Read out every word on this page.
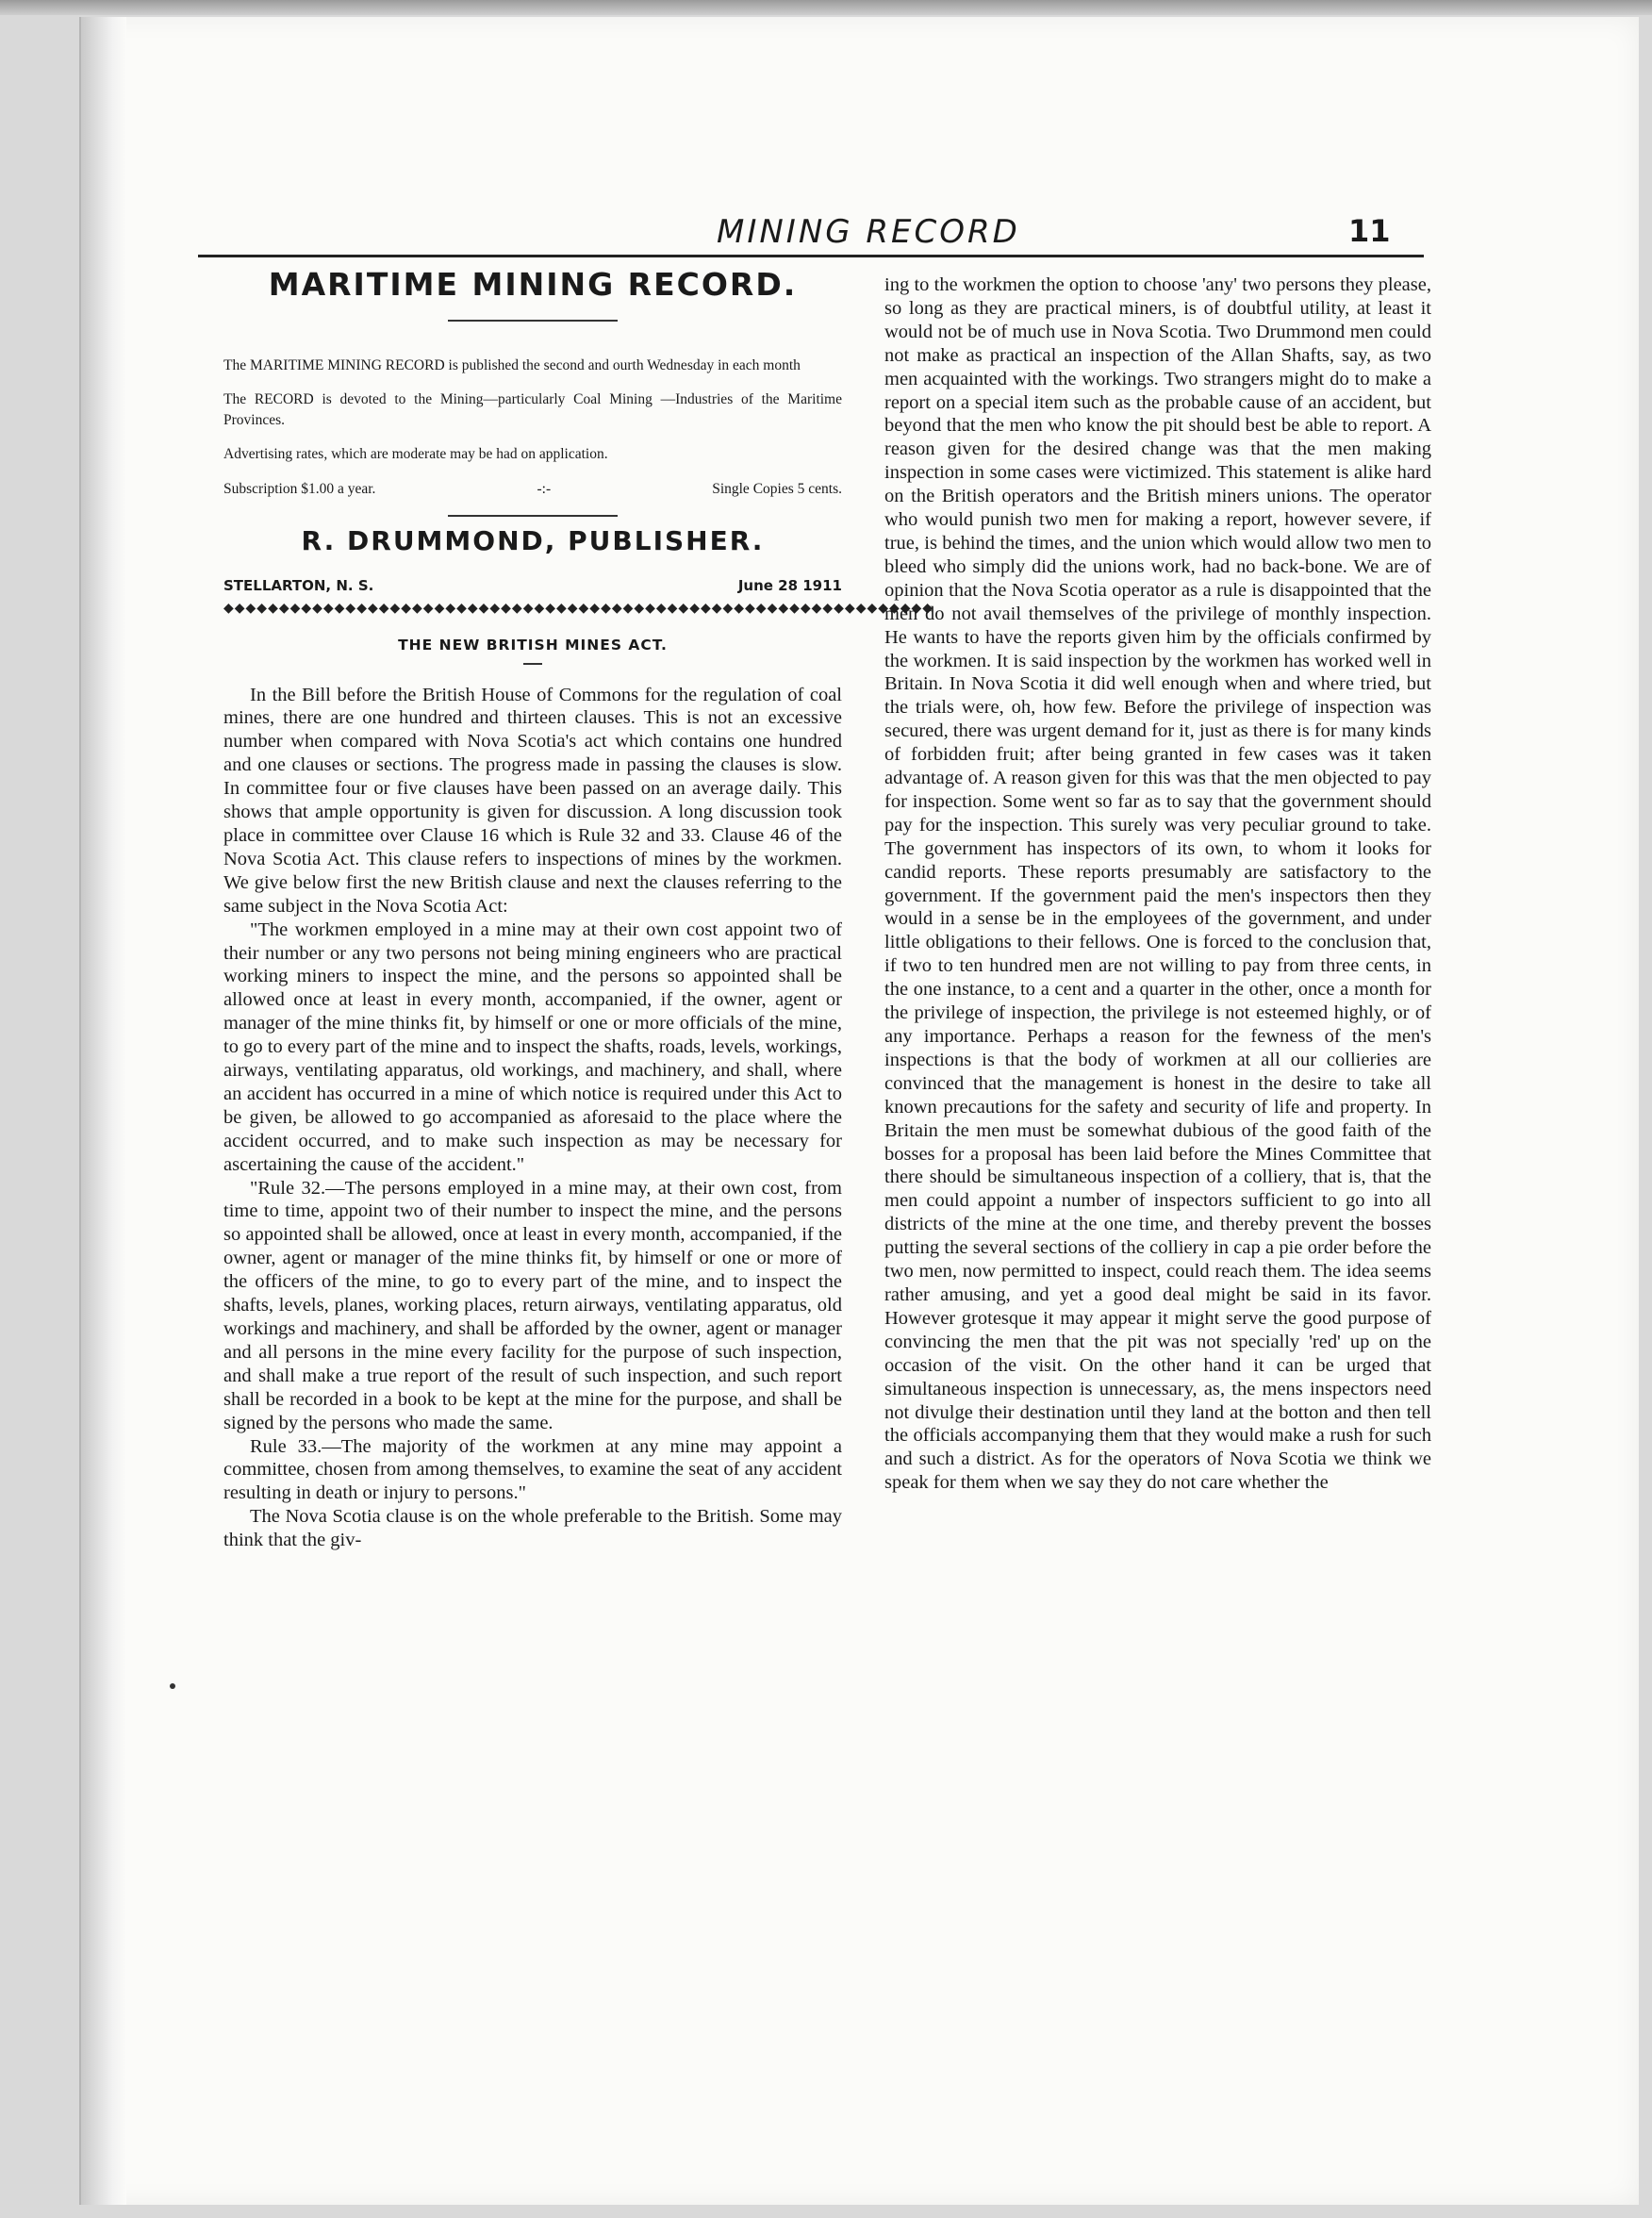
MINING RECORD	11
MARITIME MINING RECORD.

The MARITIME MINING RECORD is published the second and ourth Wednesday in each month

The RECORD is devoted to the Mining—particularly Coal Mining —Industries of the Maritime Provinces.

Advertising rates, which are moderate may be had on application.

Subscription $1.00 a year.	-:-	Single Copies 5 cents.
R. DRUMMOND, PUBLISHER.
STELLARTON, N. S.	June 28 1911
◆◆◆◆◆◆◆◆◆◆◆◆◆◆◆◆◆◆◆◆◆◆◆◆◆◆◆◆◆◆◆◆◆◆◆◆◆◆◆◆◆◆◆◆◆◆◆◆◆◆◆◆◆◆◆◆◆◆◆◆◆◆◆◆
THE NEW BRITISH MINES ACT.

In the Bill before the British House of Commons for the regulation of coal mines, there are one hundred and thirteen clauses. This is not an excessive number when compared with Nova Scotia's act which contains one hundred and one clauses or sections. The progress made in passing the clauses is slow. In committee four or five clauses have been passed on an average daily. This shows that ample opportunity is given for discussion. A long discussion took place in committee over Clause 16 which is Rule 32 and 33. Clause 46 of the Nova Scotia Act. This clause refers to inspections of mines by the workmen. We give below first the new British clause and next the clauses referring to the same subject in the Nova Scotia Act:

"The workmen employed in a mine may at their own cost appoint two of their number or any two persons not being mining engineers who are practical working miners to inspect the mine, and the persons so appointed shall be allowed once at least in every month, accompanied, if the owner, agent or manager of the mine thinks fit, by himself or one or more officials of the mine, to go to every part of the mine and to inspect the shafts, roads, levels, workings, airways, ventilating apparatus, old workings, and machinery, and shall, where an accident has occurred in a mine of which notice is required under this Act to be given, be allowed to go accompanied as aforesaid to the place where the accident occurred, and to make such inspection as may be necessary for ascertaining the cause of the accident."

"Rule 32.—The persons employed in a mine may, at their own cost, from time to time, appoint two of their number to inspect the mine, and the persons so appointed shall be allowed, once at least in every month, accompanied, if the owner, agent or manager of the mine thinks fit, by himself or one or more of the officers of the mine, to go to every part of the mine, and to inspect the shafts, levels, planes, working places, return airways, ventilating apparatus, old workings and machinery, and shall be afforded by the owner, agent or manager and all persons in the mine every facility for the purpose of such inspection, and shall make a true report of the result of such inspection, and such report shall be recorded in a book to be kept at the mine for the purpose, and shall be signed by the persons who made the same.

Rule 33.—The majority of the workmen at any mine may appoint a committee, chosen from among themselves, to examine the seat of any accident resulting in death or injury to persons."

The Nova Scotia clause is on the whole preferable to the British. Some may think that the giv-

ing to the workmen the option to choose 'any' two persons they please, so long as they are practical miners, is of doubtful utility, at least it would not be of much use in Nova Scotia. Two Drummond men could not make as practical an inspection of the Allan Shafts, say, as two men acquainted with the workings. Two strangers might do to make a report on a special item such as the probable cause of an accident, but beyond that the men who know the pit should best be able to report. A reason given for the desired change was that the men making inspection in some cases were victimized. This statement is alike hard on the British operators and the British miners unions. The operator who would punish two men for making a report, however severe, if true, is behind the times, and the union which would allow two men to bleed who simply did the unions work, had no back-bone. We are of opinion that the Nova Scotia operator as a rule is disappointed that the men do not avail themselves of the privilege of monthly inspection. He wants to have the reports given him by the officials confirmed by the workmen. It is said inspection by the workmen has worked well in Britain. In Nova Scotia it did well enough when and where tried, but the trials were, oh, how few. Before the privilege of inspection was secured, there was urgent demand for it, just as there is for many kinds of forbidden fruit; after being granted in few cases was it taken advantage of. A reason given for this was that the men objected to pay for inspection. Some went so far as to say that the government should pay for the inspection. This surely was very peculiar ground to take. The government has inspectors of its own, to whom it looks for candid reports. These reports presumably are satisfactory to the government. If the government paid the men's inspectors then they would in a sense be in the employees of the government, and under little obligations to their fellows. One is forced to the conclusion that, if two to ten hundred men are not willing to pay from three cents, in the one instance, to a cent and a quarter in the other, once a month for the privilege of inspection, the privilege is not esteemed highly, or of any importance. Perhaps a reason for the fewness of the men's inspections is that the body of workmen at all our collieries are convinced that the management is honest in the desire to take all known precautions for the safety and security of life and property. In Britain the men must be somewhat dubious of the good faith of the bosses for a proposal has been laid before the Mines Committee that there should be simultaneous inspection of a colliery, that is, that the men could appoint a number of inspectors sufficient to go into all districts of the mine at the one time, and thereby prevent the bosses putting the several sections of the colliery in cap a pie order before the two men, now permitted to inspect, could reach them. The idea seems rather amusing, and yet a good deal might be said in its favor. However grotesque it may appear it might serve the good purpose of convincing the men that the pit was not specially 'red' up on the occasion of the visit. On the other hand it can be urged that simultaneous inspection is unnecessary, as, the mens inspectors need not divulge their destination until they land at the botton and then tell the officials accompanying them that they would make a rush for such and such a district. As for the operators of Nova Scotia we think we speak for them when we say they do not care whether the
